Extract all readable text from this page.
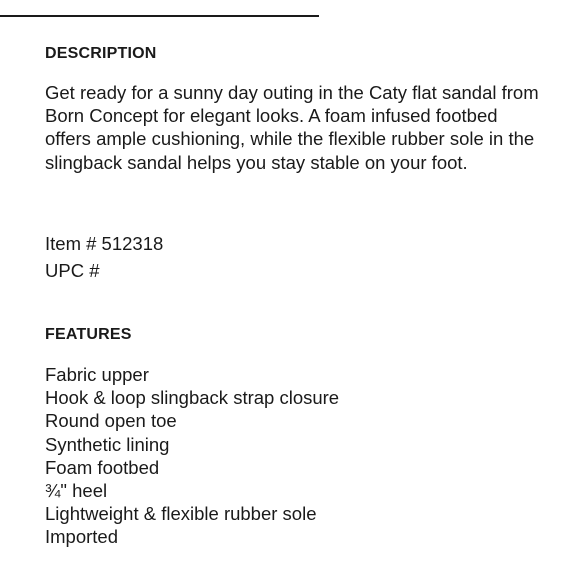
DESCRIPTION

Get ready for a sunny day outing in the Caty flat sandal from Born Concept for elegant looks. A foam infused footbed offers ample cushioning, while the flexible rubber sole in the slingback sandal helps you stay stable on your foot.

Item # 512318
UPC #
FEATURES
Fabric upper
Hook & loop slingback strap closure
Round open toe
Synthetic lining
Foam footbed
¾" heel
Lightweight & flexible rubber sole
Imported
